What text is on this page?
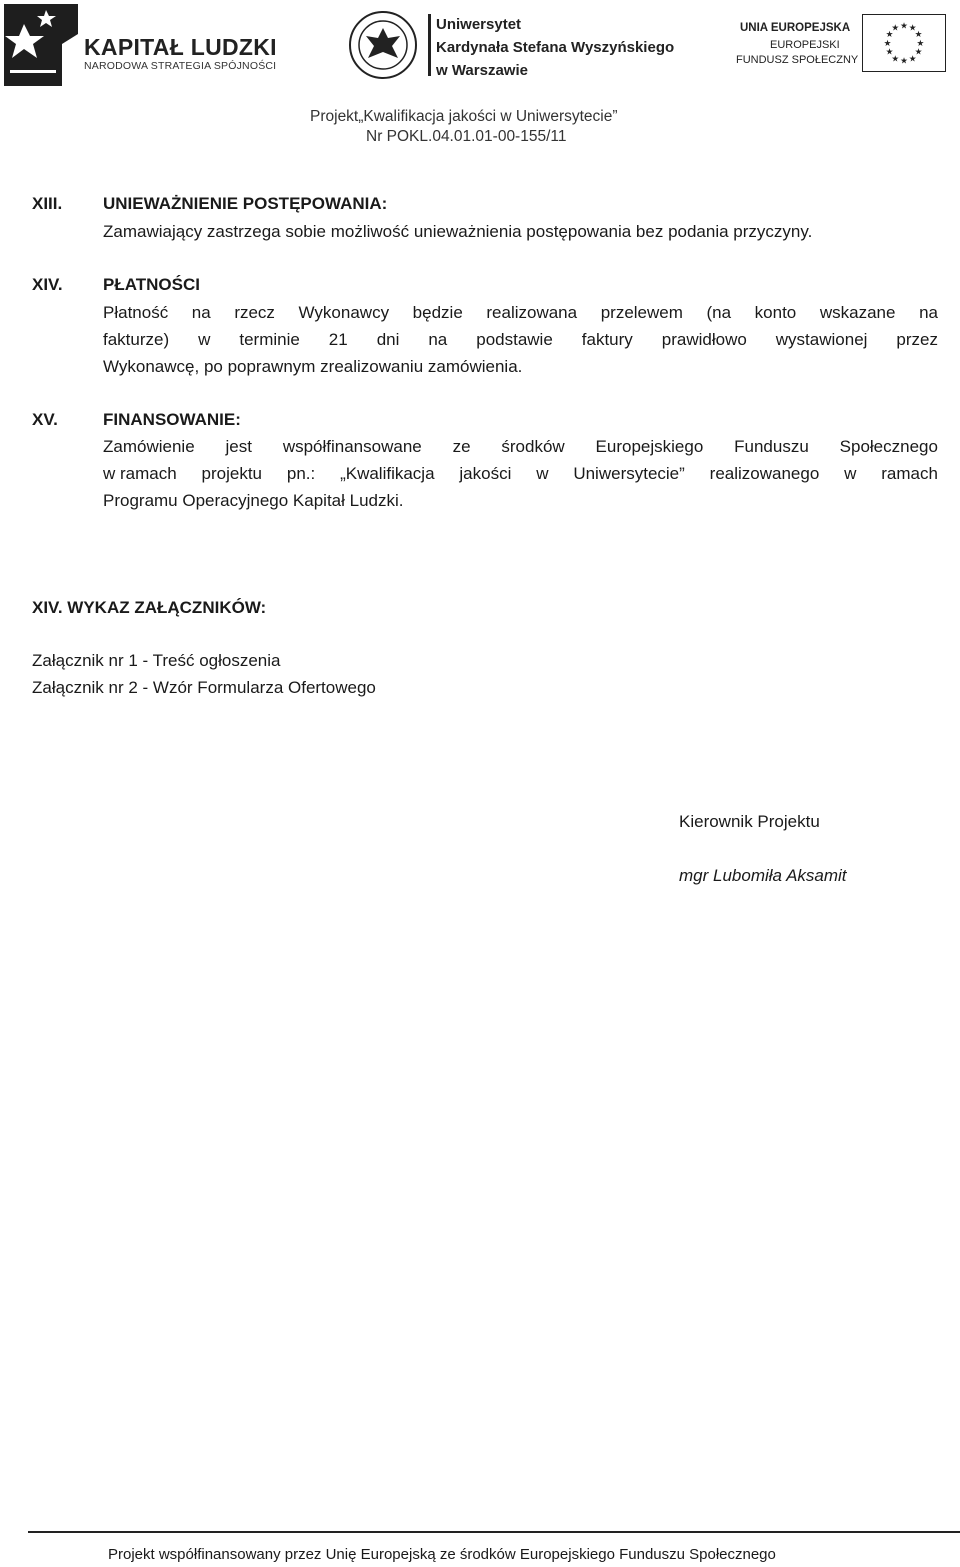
KAPITAŁ LUDZKI
NARODOWA STRATEGIA SPÓJNOŚCI
Uniwersytet
Kardynała Stefana Wyszyńskiego
w Warszawie
UNIA EUROPEJSKA
EUROPEJSKI
FUNDUSZ SPOŁECZNY
★ ★
★
★
★
★
★
★
★
★
★
★
Projekt„Kwalifikacja jakości w Uniwersytecie”
Nr POKL.04.01.01-00-155/11
XIII. UNIEWAŻNIENIE POSTĘPOWANIA:
Zamawiający zastrzega sobie możliwość unieważnienia postępowania bez podania przyczyny.
XIV. PŁATNOŚCI
Płatność na rzecz Wykonawcy będzie realizowana przelewem (na konto wskazane na
fakturze) w terminie 21 dni na podstawie faktury prawidłowo wystawionej przez
Wykonawcę, po poprawnym zrealizowaniu zamówienia.
XV.	FINANSOWANIE:
Zamówienie jest współfinansowane ze środków Europejskiego Funduszu Społecznego
w ramach projektu pn.: „Kwalifikacja jakości w Uniwersytecie” realizowanego w ramach
Programu Operacyjnego Kapitał Ludzki.
XIV. WYKAZ ZAŁĄCZNIKÓW:
Załącznik nr 1 - Treść ogłoszenia
Załącznik nr 2 - Wzór Formularza Ofertowego
Kierownik Projektu
mgr Lubomiła Aksamit
Projekt współfinansowany przez Unię Europejską ze środków Europejskiego Funduszu Społecznego
